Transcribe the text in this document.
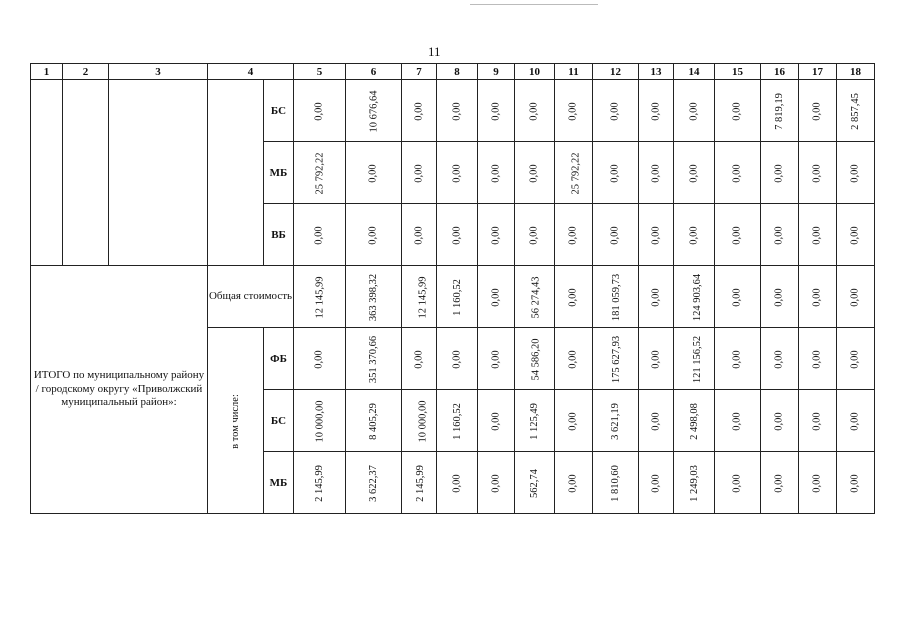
11
1	2	3	4		5	6	7	8	9	10	11	12	13	14	15	16	17	18
				БС	0,00	10 676,64	0,00	0,00	0,00	0,00	0,00	0,00	0,00	0,00	0,00	7 819,19	0,00	2 857,45
				МБ	25 792,22	0,00	0,00	0,00	0,00	0,00	25 792,22	0,00	0,00	0,00	0,00	0,00	0,00	0,00
				ВБ	0,00	0,00	0,00	0,00	0,00	0,00	0,00	0,00	0,00	0,00	0,00	0,00	0,00	0,00
ИТОГО по муниципальному району / городскому округу «Приволжский муниципальный район»:			Общая стоимость		12 145,99	363 398,32	12 145,99	1 160,52	0,00	56 274,43	0,00	181 059,73	0,00	124 903,64	0,00	0,00	0,00	0,00
			в том числе:	ФБ	0,00	351 370,66	0,00	0,00	0,00	54 586,20	0,00	175 627,93	0,00	121 156,52	0,00	0,00	0,00	0,00
				БС	10 000,00	8 405,29	10 000,00	1 160,52	0,00	1 125,49	0,00	3 621,19	0,00	2 498,08	0,00	0,00	0,00	0,00
				МБ	2 145,99	3 622,37	2 145,99	0,00	0,00	562,74	0,00	1 810,60	0,00	1 249,03	0,00	0,00	0,00	0,00
